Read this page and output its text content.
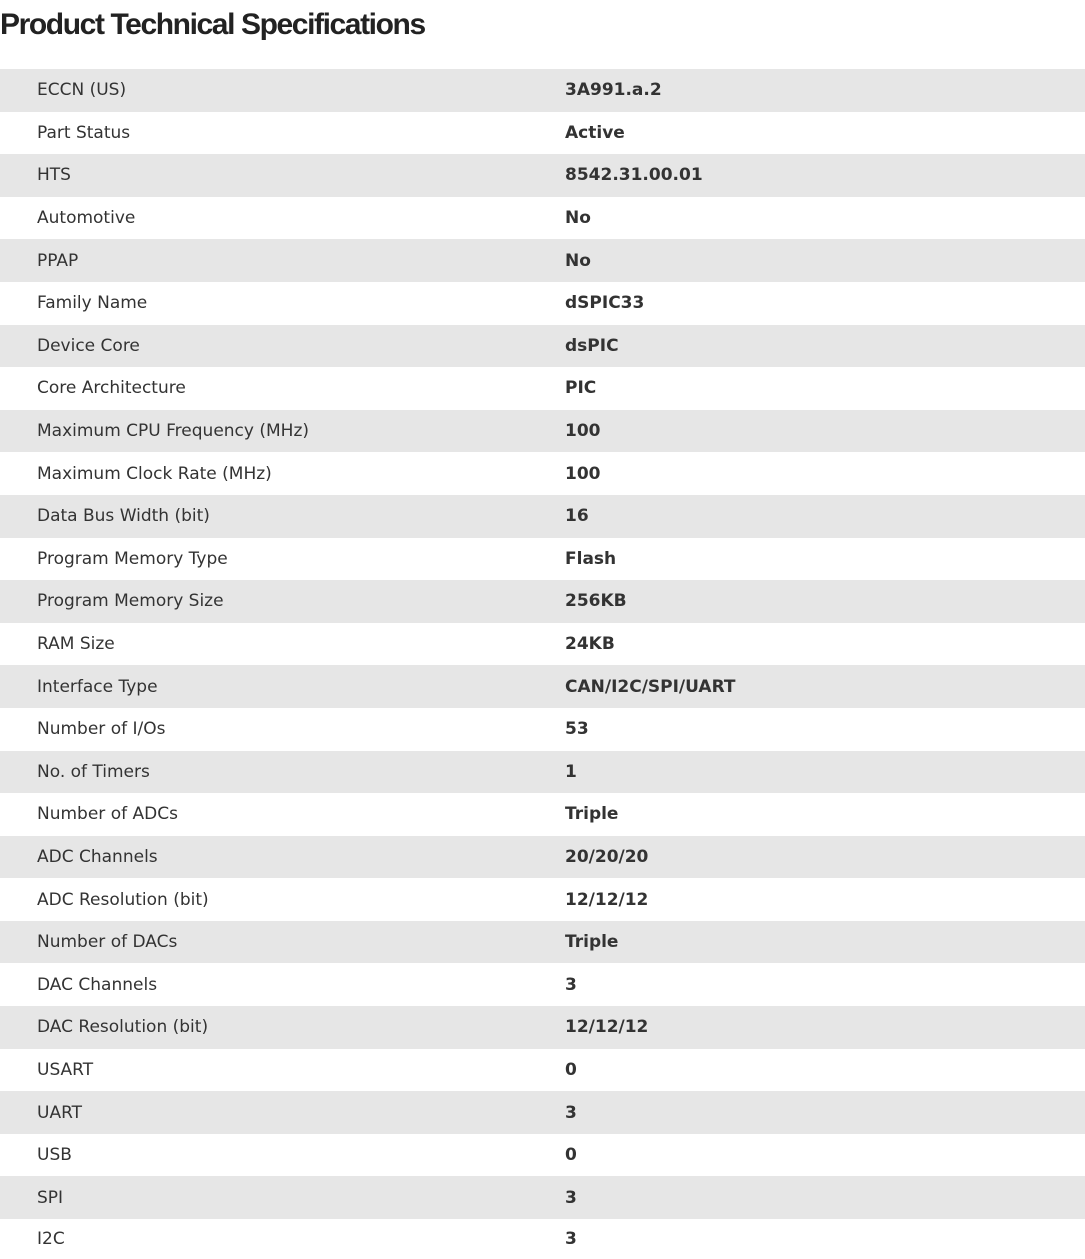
Product Technical Specifications
ECCN (US)	3A991.a.2
Part Status	Active
HTS	8542.31.00.01
Automotive	No
PPAP	No
Family Name	dSPIC33
Device Core	dsPIC
Core Architecture	PIC
Maximum CPU Frequency (MHz)	100
Maximum Clock Rate (MHz)	100
Data Bus Width (bit)	16
Program Memory Type	Flash
Program Memory Size	256KB
RAM Size	24KB
Interface Type	CAN/I2C/SPI/UART
Number of I/Os	53
No. of Timers	1
Number of ADCs	Triple
ADC Channels	20/20/20
ADC Resolution (bit)	12/12/12
Number of DACs	Triple
DAC Channels	3
DAC Resolution (bit)	12/12/12
USART	0
UART	3
USB	0
SPI	3
I2C	3
